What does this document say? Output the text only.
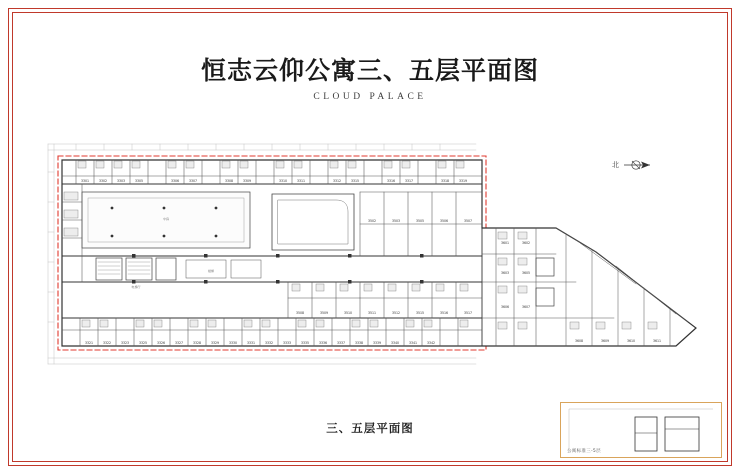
恒志云仰公寓三、五层平面图
CLOUD PALACE
北
3301	3302	3303	3305	3306	3307	3308	3309	3310	3311	3312	3315	3316	3317	3318	3319
3502	3503	3505	3506	3507
3508	3509	3510	3511	3512	3515	3516	3517
3321	3322	3323	3325	3326	3327	3328	3329	3330	3331	3332	3333	3335	3336	3337	3338	3339	3340	3341	3342
3601	3602
3603	3605
3606	3607
3608	3609	3610	3611
中庭
电梯厅
楼梯
三、五层平面图
公寓标准三-5层
